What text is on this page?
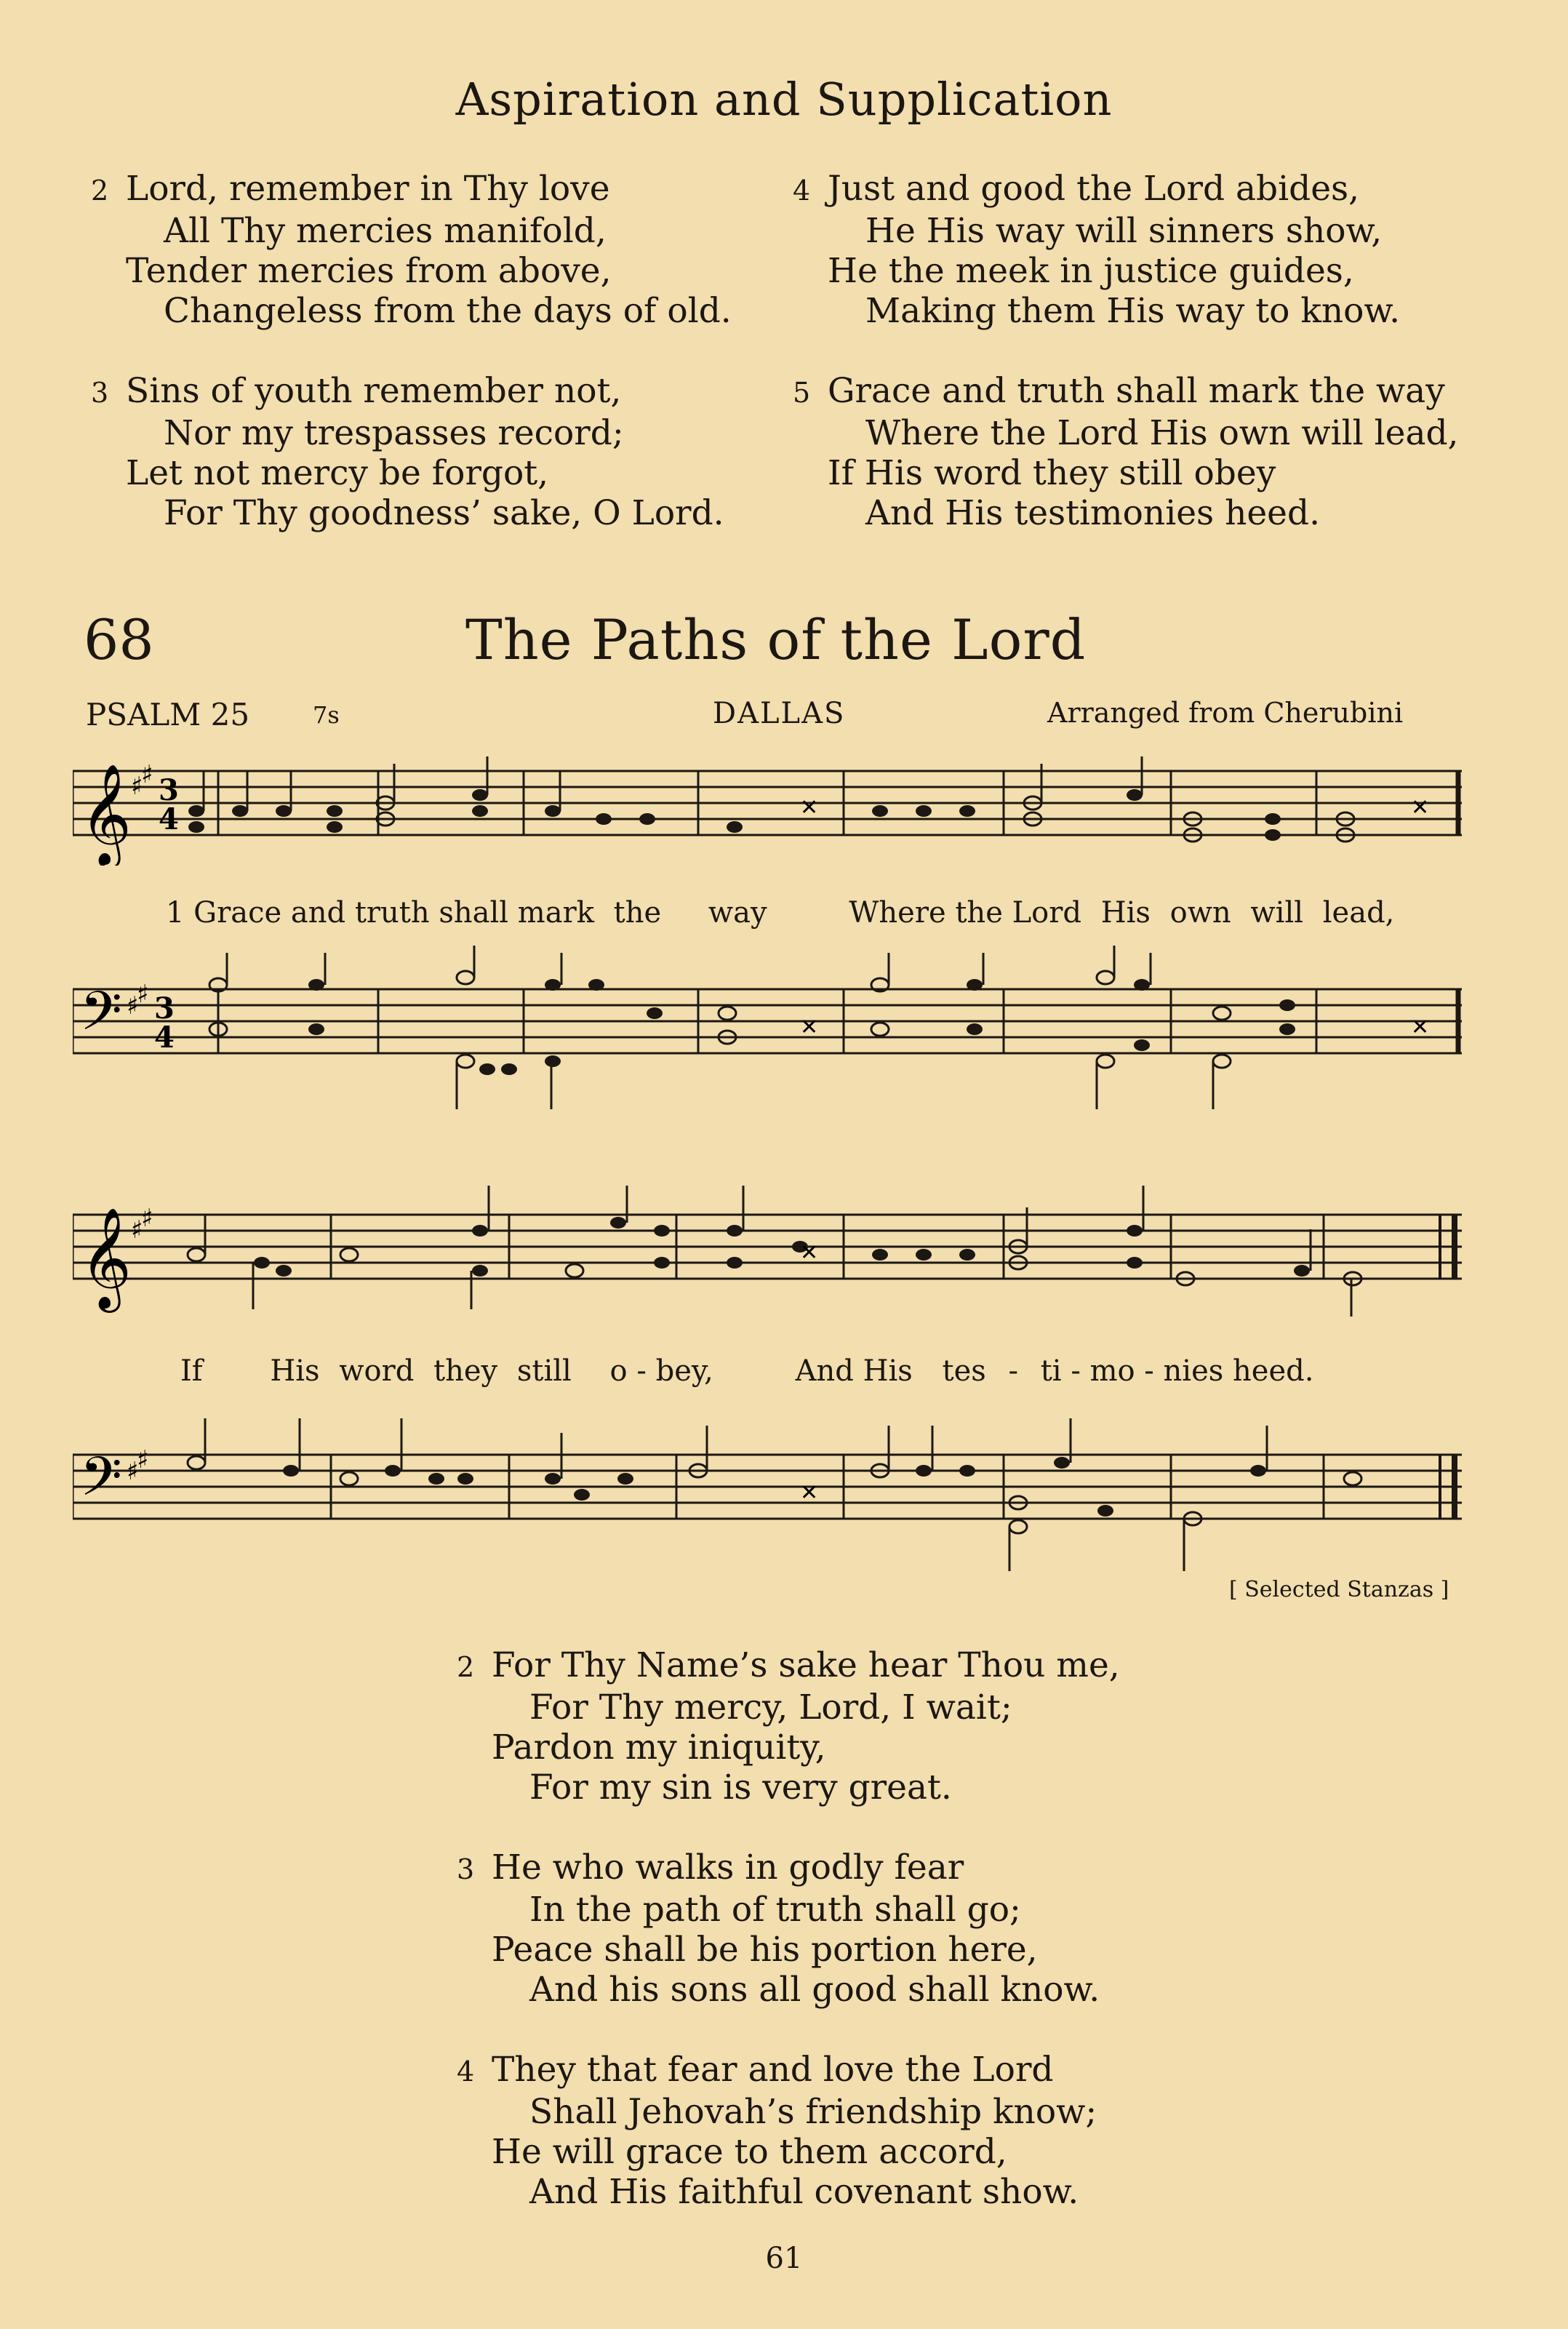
Aspiration and Supplication
2 Lord, remember in Thy love
All Thy mercies manifold,
Tender mercies from above,
Changeless from the days of old.
3 Sins of youth remember not,
Nor my trespasses record;
Let not mercy be forgot,
For Thy goodness’ sake, O Lord.
4 Just and good the Lord abides,
He His way will sinners show,
He the meek in justice guides,
Making them His way to know.
5 Grace and truth shall mark the way
Where the Lord His own will lead,
If His word they still obey
And His testimonies heed.
68	The Paths of the Lord
PSALM 25	7s	DALLAS	Arranged from Cherubini
𝄞 ♯
♯ 3
4	✕	✕
1 Grace and truth shall mark the way	Where the Lord His own will lead,
𝄢 ♯
♯ 3
4	✕	✕
𝄞 ♯
♯
✕
If His word they still o - bey,	And His tes - ti - mo - nies heed.
𝄢 ♯
♯
✕
[ Selected Stanzas ]
2 For Thy Name’s sake hear Thou me,
For Thy mercy, Lord, I wait;
Pardon my iniquity,
For my sin is very great.
3 He who walks in godly fear
In the path of truth shall go;
Peace shall be his portion here,
And his sons all good shall know.
4 They that fear and love the Lord
Shall Jehovah’s friendship know;
He will grace to them accord,
And His faithful covenant show.
61
